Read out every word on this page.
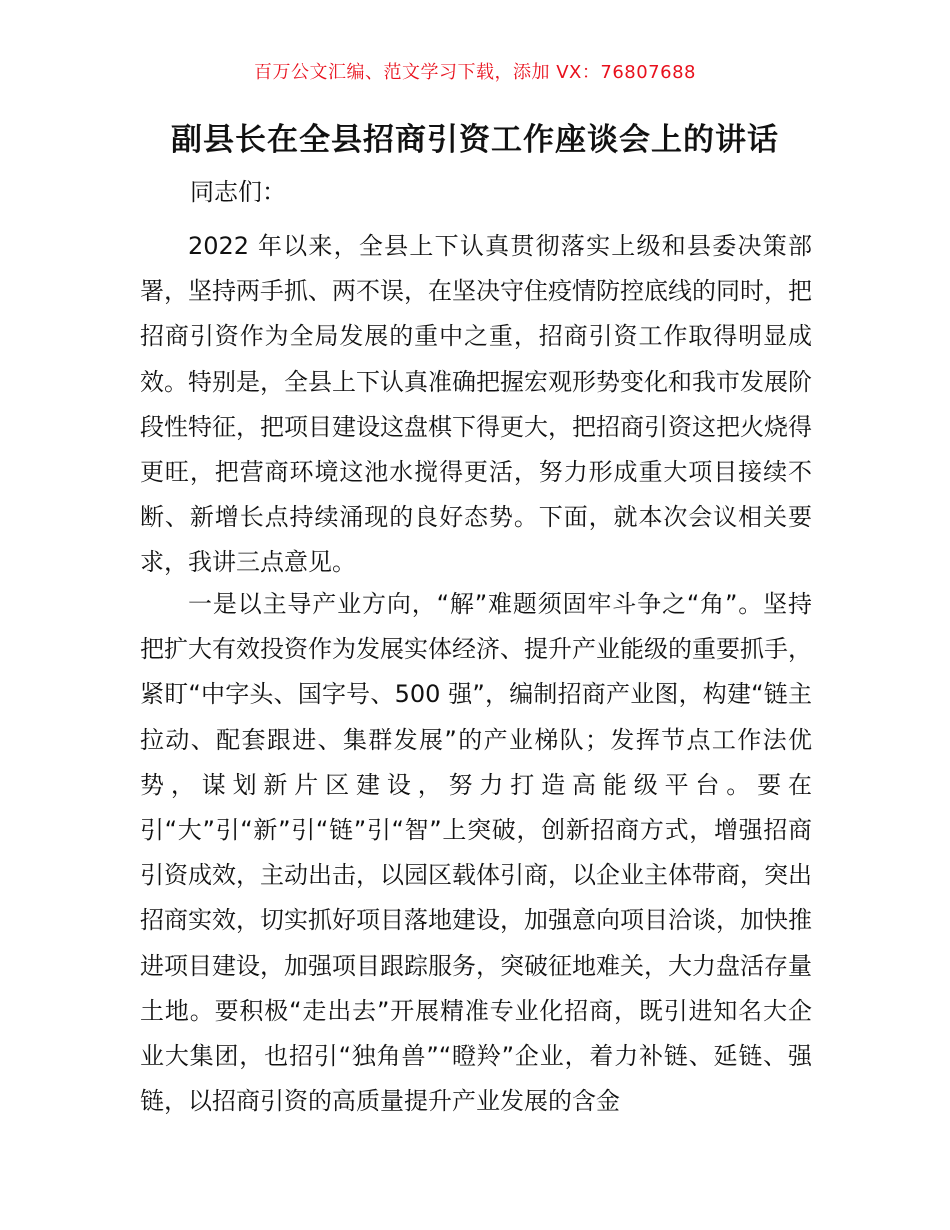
百万公文汇编、范文学习下载，添加 VX：76807688
副县长在全县招商引资工作座谈会上的讲话
同志们：

2022 年以来，全县上下认真贯彻落实上级和县委决策部署，坚持两手抓、两不误，在坚决守住疫情防控底线的同时，把招商引资作为全局发展的重中之重，招商引资工作取得明显成效。特别是，全县上下认真准确把握宏观形势变化和我市发展阶段性特征，把项目建设这盘棋下得更大，把招商引资这把火烧得更旺，把营商环境这池水搅得更活，努力形成重大项目接续不断、新增长点持续涌现的良好态势。下面，就本次会议相关要求，我讲三点意见。

一是以主导产业方向，“解”难题须固牢斗争之“角”。坚持把扩大有效投资作为发展实体经济、提升产业能级的重要抓手，紧盯“中字头、国字号、500 强”，编制招商产业图，构建“链主拉动、配套跟进、集群发展”的产业梯队；发挥节点工作法优势，谋划新片区建设，努力打造高能级平台。要在引“大”引“新”引“链”引“智”上突破，创新招商方式，增强招商引资成效，主动出击，以园区载体引商，以企业主体带商，突出招商实效，切实抓好项目落地建设，加强意向项目洽谈，加快推进项目建设，加强项目跟踪服务，突破征地难关，大力盘活存量土地。要积极“走出去”开展精准专业化招商，既引进知名大企业大集团，也招引“独角兽”“瞪羚”企业，着力补链、延链、强链，以招商引资的高质量提升产业发展的含金
